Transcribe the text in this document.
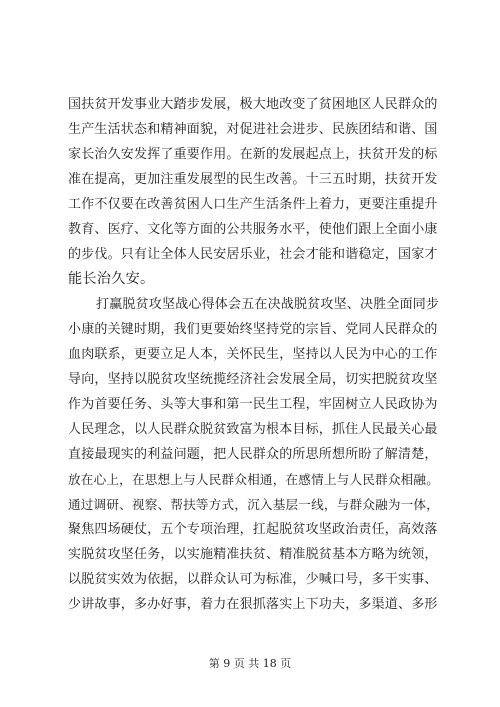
国扶贫开发事业大踏步发展，极大地改变了贫困地区人民群众的
生产生活状态和精神面貌，对促进社会进步、民族团结和谐、国
家长治久安发挥了重要作用。在新的发展起点上，扶贫开发的标
准在提高，更加注重发展型的民生改善。十三五时期，扶贫开发
工作不仅要在改善贫困人口生产生活条件上着力，更要注重提升
教育、医疗、文化等方面的公共服务水平，使他们跟上全面小康
的步伐。只有让全体人民安居乐业，社会才能和谐稳定，国家才
能长治久安。
打赢脱贫攻坚战心得体会五在决战脱贫攻坚、决胜全面同步
小康的关键时期，我们更要始终坚持党的宗旨、党同人民群众的
血肉联系，更要立足人本，关怀民生，坚持以人民为中心的工作
导向，坚持以脱贫攻坚统揽经济社会发展全局，切实把脱贫攻坚
作为首要任务、头等大事和第一民生工程，牢固树立人民政协为
人民理念，以人民群众脱贫致富为根本目标，抓住人民最关心最
直接最现实的利益问题，把人民群众的所思所想所盼了解清楚，
放在心上，在思想上与人民群众相通，在感情上与人民群众相融。
通过调研、视察、帮扶等方式，沉入基层一线，与群众融为一体，
聚焦四场硬仗，五个专项治理，扛起脱贫攻坚政治责任，高效落
实脱贫攻坚任务，以实施精准扶贫、精准脱贫基本方略为统领，
以脱贫实效为依据，以群众认可为标准，少喊口号，多干实事、
少讲故事，多办好事，着力在狠抓落实上下功夫，多渠道、多形
第 9 页 共 18 页
